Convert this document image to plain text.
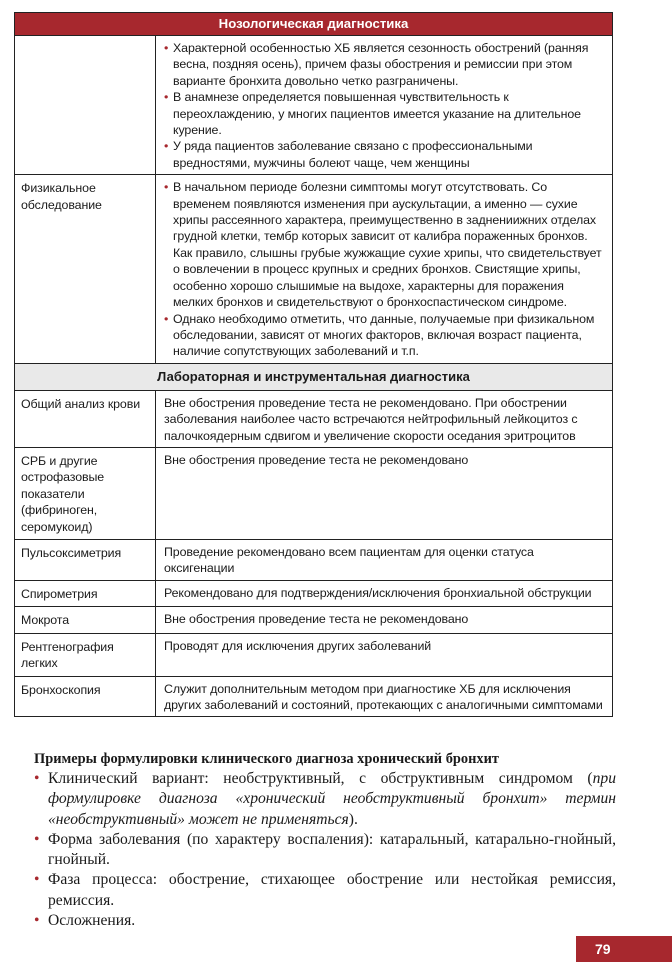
Нозологическая диагностика	

	• Характерной особенностью ХБ является сезонность обострений (ранняя весна, поздняя осень), причем фазы обострения и ремиссии при этом варианте бронхита довольно четко разграничены.
• В анамнезе определяется повышенная чувствительность к переохлаждению, у многих пациентов имеется указание на длительное курение.
• У ряда пациентов заболевание связано с профессиональными вредностями, мужчины болеют чаще, чем женщины

Физикальное обследование	• В начальном периоде болезни симптомы могут отсутствовать. Со временем появляются изменения при аускультации, а именно — сухие хрипы рассеянного характера, преимущественно в заднениижних отделах грудной клетки, тембр которых зависит от калибра пораженных бронхов. Как правило, слышны грубые жужжащие сухие хрипы, что свидетельствует о вовлечении в процесс крупных и средних бронхов. Свистящие хрипы, особенно хорошо слышимые на выдохе, характерны для поражения мелких бронхов и свидетельствуют о бронхоспастическом синдроме.
• Однако необходимо отметить, что данные, получаемые при физикальном обследовании, зависят от многих факторов, включая возраст пациента, наличие сопутствующих заболеваний и т.п.

Лабораторная и инструментальная диагностика	
Общий анализ крови	Вне обострения проведение теста не рекомендовано. При обострении заболевания наиболее часто встречаются нейтрофильный лейкоцитоз с палочкоядерным сдвигом и увеличение скорости оседания эритроцитов
СРБ и другие острофазовые показатели (фибриноген, серомукоид)	Вне обострения проведение теста не рекомендовано
Пульсоксиметрия	Проведение рекомендовано всем пациентам для оценки статуса оксигенации
Спирометрия	Рекомендовано для подтверждения/исключения бронхиальной обструкции
Мокрота	Вне обострения проведение теста не рекомендовано
Рентгенография легких	Проводят для исключения других заболеваний
Бронхоскопия	Служит дополнительным методом при диагностике ХБ для исключения других заболеваний и состояний, протекающих с аналогичными симптомами
Примеры формулировки клинического диагноза хронический бронхит
• Клинический вариант: необструктивный, с обструктивным синдромом (при формулировке диагноза «хронический необструктивный бронхит» термин «необструктивный» может не применяться).
• Форма заболевания (по характеру воспаления): катаральный, катарально-гнойный, гнойный.
• Фаза процесса: обострение, стихающее обострение или нестойкая ремиссия, ремиссия.
• Осложнения.
79
